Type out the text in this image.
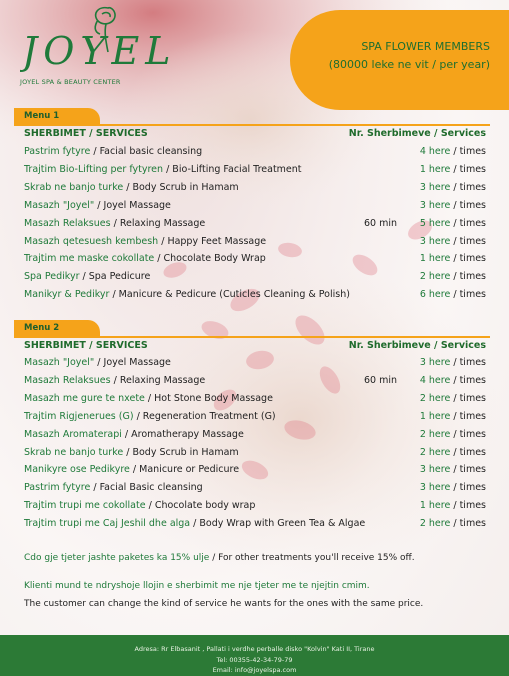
JOYEL
JOYEL SPA & BEAUTY CENTER
SPA FLOWER MEMBERS
(80000 leke ne vit / per year)
Menu 1
SHERBIMET / SERVICES	Nr. Sherbimeve / Services
Pastrim fytyre / Facial basic cleansing	4 here / times
Trajtim Bio-Lifting per fytyren / Bio-Lifting Facial Treatment	1 here / times
Skrab ne banjo turke / Body Scrub in Hamam	3 here / times
Masazh "Joyel" / Joyel Massage	3 here / times
Masazh Relaksues / Relaxing Massage	60 min 5 here / times
Masazh qetesuesh kembesh / Happy Feet Massage	3 here / times
Trajtim me maske cokollate / Chocolate Body Wrap	1 here / times
Spa Pedikyr / Spa Pedicure	2 here / times
Manikyr & Pedikyr / Manicure & Pedicure (Cuticles Cleaning & Polish)	6 here / times
Menu 2
SHERBIMET / SERVICES	Nr. Sherbimeve / Services
Masazh "Joyel" / Joyel Massage	3 here / times
Masazh Relaksues / Relaxing Massage	60 min 4 here / times
Masazh me gure te nxete / Hot Stone Body Massage	2 here / times
Trajtim Rigjenerues (G) / Regeneration Treatment (G)	1 here / times
Masazh Aromaterapi / Aromatherapy Massage	2 here / times
Skrab ne banjo turke / Body Scrub in Hamam	2 here / times
Manikyre ose Pedikyre / Manicure or Pedicure	3 here / times
Pastrim fytyre / Facial Basic cleansing	3 here / times
Trajtim trupi me cokollate / Chocolate body wrap	1 here / times
Trajtim trupi me Caj Jeshil dhe alga / Body Wrap with Green Tea & Algae	2 here / times
Cdo gje tjeter jashte paketes ka 15% ulje / For other treatments you'll receive 15% off.
Klienti mund te ndryshoje llojin e sherbimit me nje tjeter me te njejtin cmim.
The customer can change the kind of service he wants for the ones with the same price.
Adresa: Rr Elbasanit , Pallati i verdhe perballe disko "Kolvin" Kati II, Tirane
Tel: 00355-42-34-79-79
Email: info@joyelspa.com
